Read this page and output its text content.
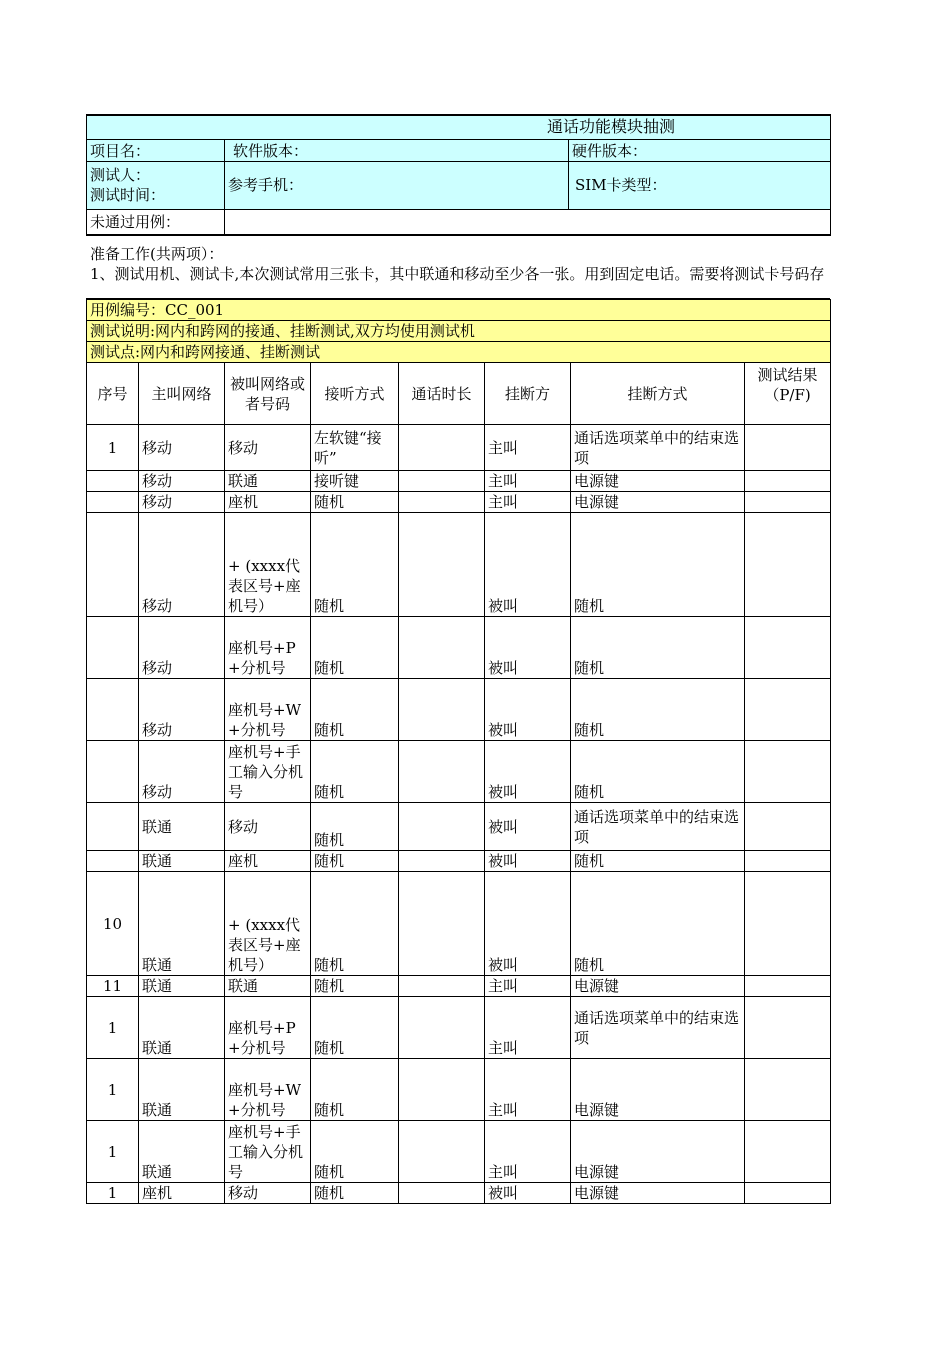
通话功能模块抽测		
项目名：	软件版本：	硬件版本：

测试人：
测试时间：	参考手机：	SIM卡类型：
未通过用例：		
准备工作(共两项）：
1、测试用机、测试卡,本次测试常用三张卡，其中联通和移动至少各一张。用到固定电话。需要将测试卡号码存
用例编号：CC_001							
测试说明:网内和跨网的接通、挂断测试,双方均使用测试机							
测试点:网内和跨网接通、挂断测试							
序号	主叫网络	被叫网络或者号码	接听方式	通话时长	挂断方	挂断方式	测试结果（P/F)
1	移动	移动	左软键“接听”		主叫	通话选项菜单中的结束选项	
	移动	联通	接听键		主叫	电源键	
	移动	座机	随机		主叫	电源键	
	移动	+ (xxxx代表区号+座机号）	随机		被叫	随机	
	移动	座机号+P+分机号	随机		被叫	随机	
	移动	座机号+W+分机号	随机		被叫	随机	
	移动	座机号+手工输入分机号	随机		被叫	随机	
	联通	移动	随机		被叫	通话选项菜单中的结束选项	
	联通	座机	随机		被叫	随机	
10	联通	+ (xxxx代表区号+座机号）	随机		被叫	随机	
11	联通	联通	随机		主叫	电源键	
1	联通	座机号+P+分机号	随机		主叫	通话选项菜单中的结束选项	
1	联通	座机号+W+分机号	随机		主叫	电源键	
1	联通	座机号+手工输入分机号	随机		主叫	电源键	
1	座机	移动	随机		被叫	电源键	
